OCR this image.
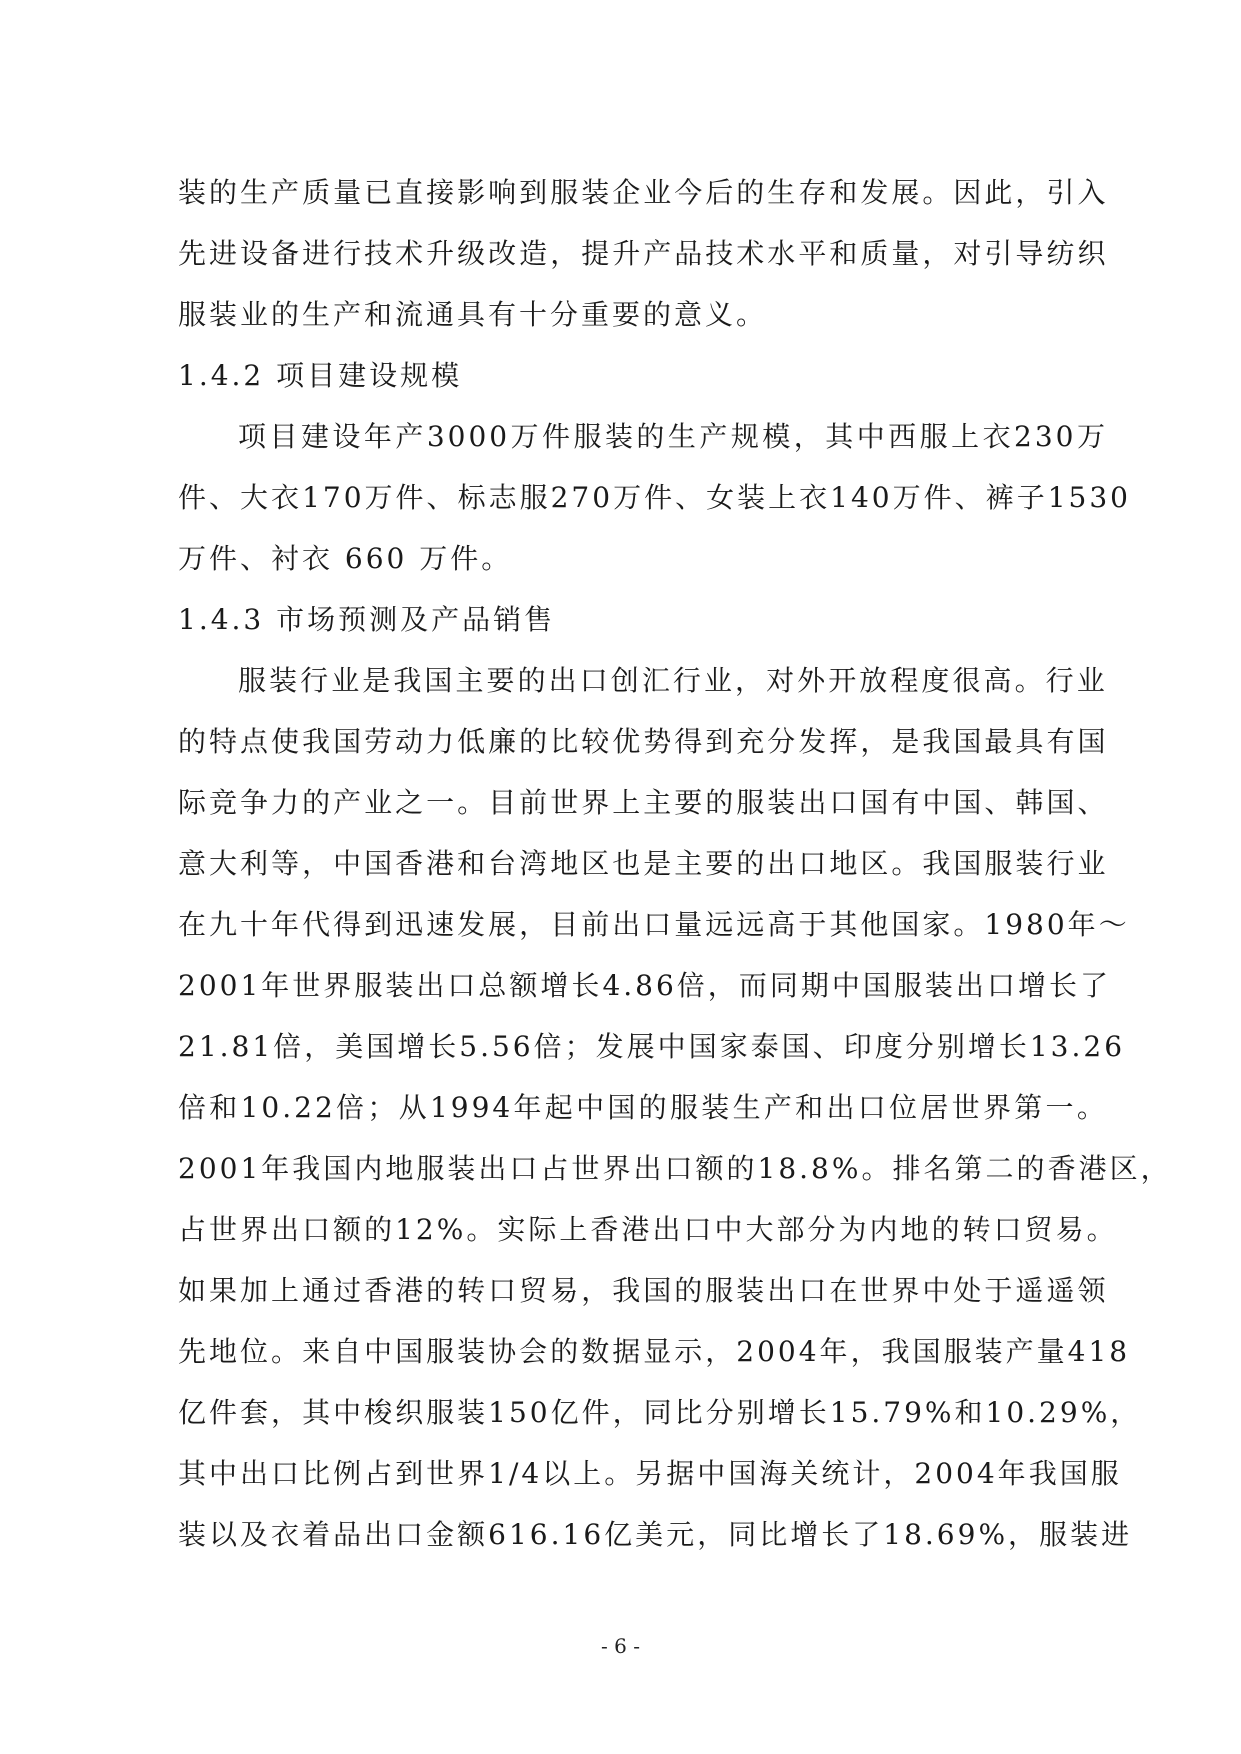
装 的 生 产 质 量 已 直 接 影 响 到 服 装 企 业 今 后 的 生 存 和 发 展 。 因 此 ， 引 入
先 进 设 备 进 行 技 术 升 级 改 造 ， 提 升 产 品 技 术 水 平 和 质 量 ， 对 引 导 纺 织
服装业的生产和流通具有十分重要的意义。
1.4.2 项目建设规模
项 目 建 设 年 产 3000 万 件 服 装 的 生 产 规 模 ， 其 中 西 服 上 衣 230 万
件 、 大 衣 170 万 件 、 标 志 服 270 万 件 、 女 装 上 衣 140 万 件 、 裤 子 1530
万件、衬衣 660 万件。
1.4.3 市场预测及产品销售
服 装 行 业 是 我 国 主 要 的 出 口 创 汇 行 业 ， 对 外 开 放 程 度 很 高 。 行 业
的 特 点 使 我 国 劳 动 力 低 廉 的 比 较 优 势 得 到 充 分 发 挥 ， 是 我 国 最 具 有 国
际 竞 争 力 的 产 业 之 一 。 目 前 世 界 上 主 要 的 服 装 出 口 国 有 中 国 、 韩 国 、
意 大 利 等 ， 中 国 香 港 和 台 湾 地 区 也 是 主 要 的 出 口 地 区 。 我 国 服 装 行 业
在 九 十 年 代 得 到 迅 速 发 展 ， 目 前 出 口 量 远 远 高 于 其 他 国 家 。 1980 年 ～
2001 年 世 界 服 装 出 口 总 额 增 长 4.86 倍 ， 而 同 期 中 国 服 装 出 口 增 长 了
21.81 倍 ， 美 国 增 长 5.56 倍 ； 发 展 中 国 家 泰 国 、 印 度 分 别 增 长 13.26
倍 和 10.22 倍 ； 从 1994 年 起 中 国 的 服 装 生 产 和 出 口 位 居 世 界 第 一 。
2001 年 我 国 内 地 服 装 出 口 占 世 界 出 口 额 的 18.8% 。 排 名 第 二 的 香 港 区 ，
占 世 界 出 口 额 的 12% 。 实 际 上 香 港 出 口 中 大 部 分 为 内 地 的 转 口 贸 易 。
如 果 加 上 通 过 香 港 的 转 口 贸 易 ， 我 国 的 服 装 出 口 在 世 界 中 处 于 遥 遥 领
先 地 位 。 来 自 中 国 服 装 协 会 的 数 据 显 示 ， 2004 年 ， 我 国 服 装 产 量 418
亿 件 套 ， 其 中 梭 织 服 装 150 亿 件 ， 同 比 分 别 增 长 15.79% 和 10.29% ，
其 中 出 口 比 例 占 到 世 界 1/4 以 上 。 另 据 中 国 海 关 统 计 ， 2004 年 我 国 服
装 以 及 衣 着 品 出 口 金 额 616.16 亿 美 元 ， 同 比 增 长 了 18.69% ， 服 装 进
- 6 -
